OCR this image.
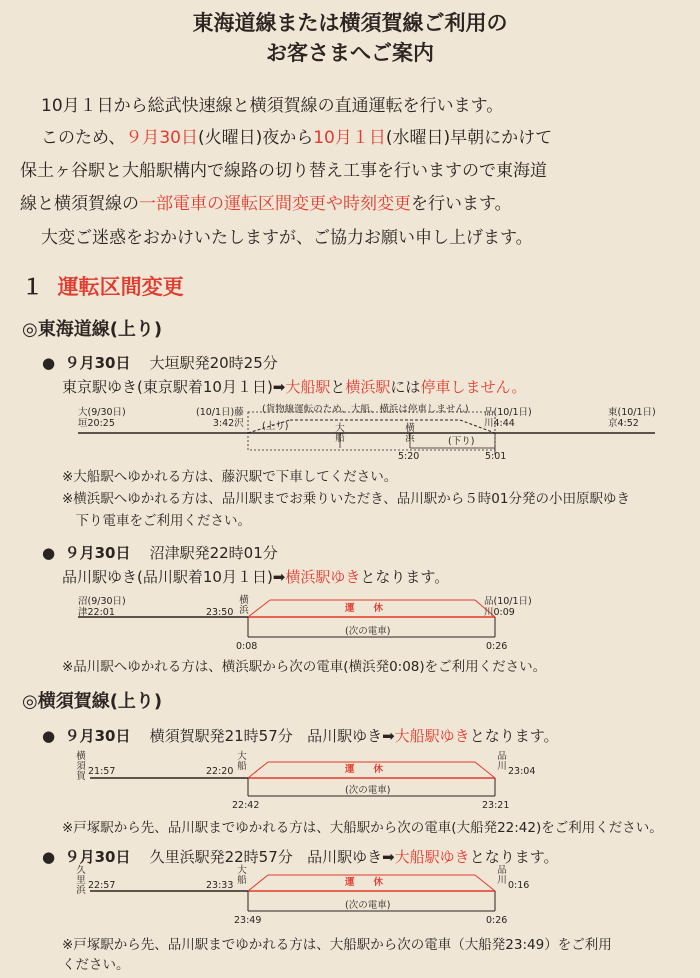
東海道線または横須賀線ご利用の
お客さまへご案内
10月１日から総武快速線と横須賀線の直通運転を行います。
このため、９月30日(火曜日)夜から10月１日(水曜日)早朝にかけて
保土ヶ谷駅と大船駅構内で線路の切り替え工事を行いますので東海道
線と横須賀線の一部電車の運転区間変更や時刻変更を行います。
大変ご迷惑をおかけいたしますが、ご協力お願い申し上げます。
１ 運転区間変更
◎東海道線(上り)
●  ９月30日 大垣駅発20時25分
東京駅ゆき(東京駅着10月１日)➡大船駅と横浜駅には停車しません。
大(9/30日)
垣20:25
(10/1日)藤
3:42沢
(貨物線運転のため、大船、横浜は停車しません)
(上り)
(下り)
大船
横浜
5:20	5:01
品(10/1日)
川4:44
東(10/1日)
京4:52
※大船駅へゆかれる方は、藤沢駅で下車してください。
※横浜駅へゆかれる方は、品川駅までお乗りいただき、品川駅から５時01分発の小田原駅ゆき
　下り電車をご利用ください。
●  ９月30日 沼津駅発22時01分
品川駅ゆき(品川駅着10月１日)➡横浜駅ゆきとなります。
沼(9/30日)
津22:01
横浜
23:50	運　　休
(次の電車)
品(10/1日)
川0:09
0:08	0:26
※品川駅へゆかれる方は、横浜駅から次の電車(横浜発0:08)をご利用ください。
◎横須賀線(上り)
●  ９月30日 横須賀駅発21時57分 品川駅ゆき➡大船駅ゆきとなります。
横須賀 21:57
大船
22:20	運　　休
(次の電車)
品川 23:04
22:42	23:21
※戸塚駅から先、品川駅までゆかれる方は、大船駅から次の電車(大船発22:42)をご利用ください。
●  ９月30日 久里浜駅発22時57分 品川駅ゆき➡大船駅ゆきとなります。
久里浜 22:57
大船
23:33	運　　休
(次の電車)
品川 0:16
23:49	0:26
※戸塚駅から先、品川駅までゆかれる方は、大船駅から次の電車（大船発23:49）をご利用
ください。
